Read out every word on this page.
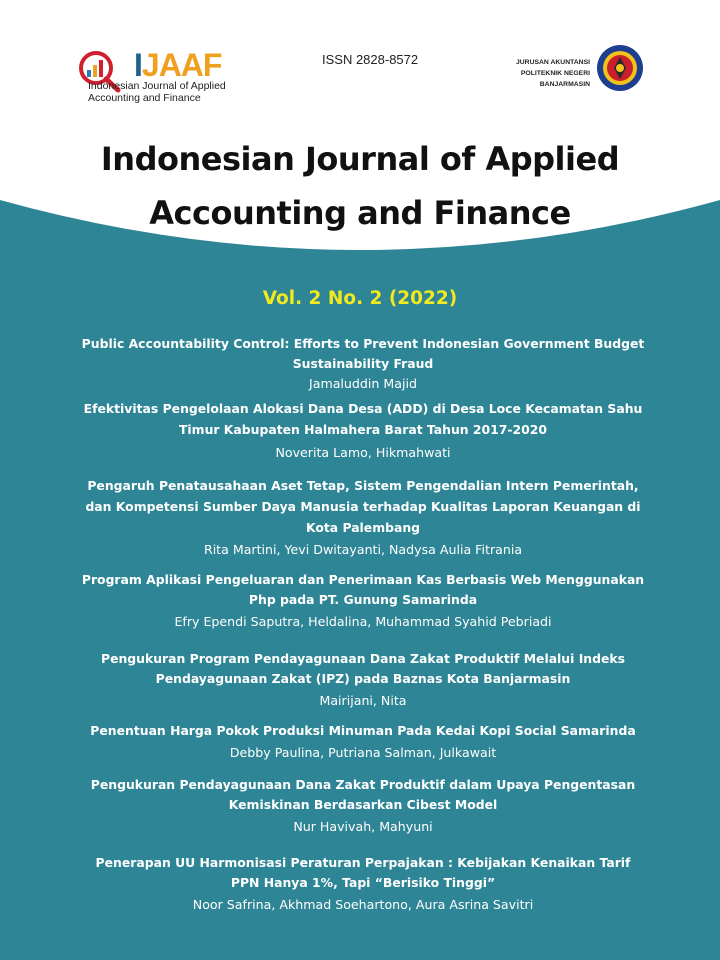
IJAAF
Indonesian Journal of Applied Accounting and Finance
ISSN 2828-8572	JURUSAN AKUNTANSI
POLITEKNIK NEGERI
BANJARMASIN
Indonesian Journal of Applied Accounting and Finance
Vol. 2 No. 2 (2022)
Public Accountability Control: Efforts to Prevent Indonesian Government Budget Sustainability Fraud
Jamaluddin Majid
Efektivitas Pengelolaan Alokasi Dana Desa (ADD) di Desa Loce Kecamatan Sahu Timur Kabupaten Halmahera Barat Tahun 2017-2020
Noverita Lamo, Hikmahwati
Pengaruh Penatausahaan Aset Tetap, Sistem Pengendalian Intern Pemerintah, dan Kompetensi Sumber Daya Manusia terhadap Kualitas Laporan Keuangan di Kota Palembang
Rita Martini, Yevi Dwitayanti, Nadysa Aulia Fitrania
Program Aplikasi Pengeluaran dan Penerimaan Kas Berbasis Web Menggunakan Php pada PT. Gunung Samarinda
Efry Ependi Saputra, Heldalina, Muhammad Syahid Pebriadi
Pengukuran Program Pendayagunaan Dana Zakat Produktif Melalui Indeks Pendayagunaan Zakat (IPZ) pada Baznas Kota Banjarmasin
Mairijani, Nita
Penentuan Harga Pokok Produksi Minuman Pada Kedai Kopi Social Samarinda
Debby Paulina, Putriana Salman, Julkawait
Pengukuran Pendayagunaan Dana Zakat Produktif dalam Upaya Pengentasan Kemiskinan Berdasarkan Cibest Model
Nur Havivah, Mahyuni
Penerapan UU Harmonisasi Peraturan Perpajakan : Kebijakan Kenaikan Tarif PPN Hanya 1%, Tapi “Berisiko Tinggi”
Noor Safrina, Akhmad Soehartono, Aura Asrina Savitri
